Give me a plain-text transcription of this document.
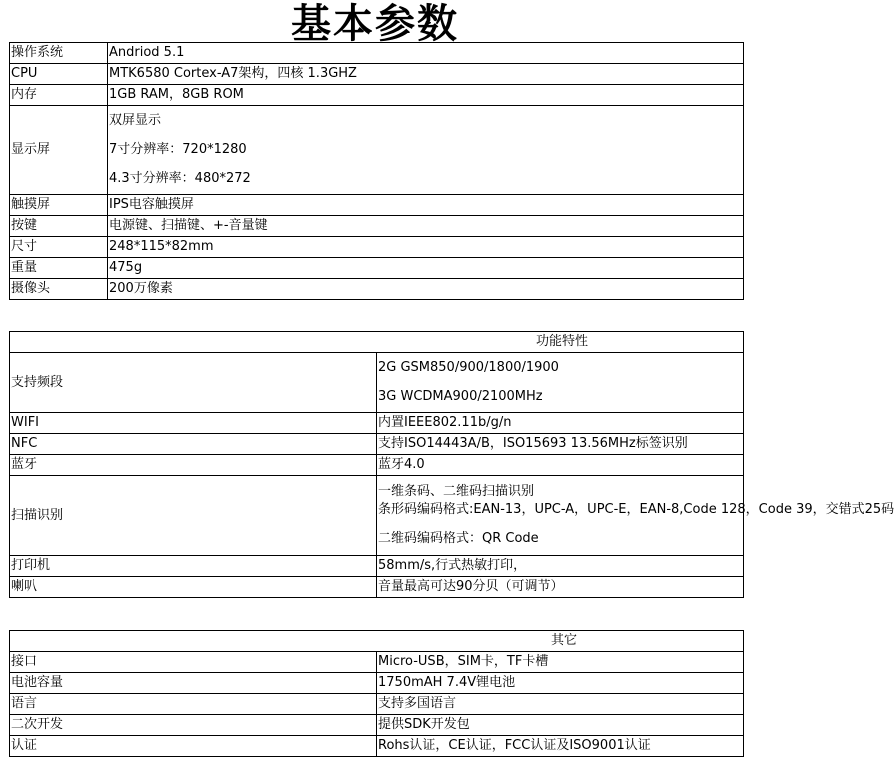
基本参数
操作系统	Andriod 5.1

CPU	MTK6580 Cortex-A7架构，四核 1.3GHZ

内存	1GB RAM，8GB ROM

显示屏	双屏显示

7寸分辨率：720*1280

4.3寸分辨率：480*272

触摸屏	IPS电容触摸屏

按键	电源键、扫描键、+-音量键

尺寸	248*115*82mm

重量	475g

摄像头	200万像素
功能特性	
支持频段	2G GSM850/900/1800/1900

3G WCDMA900/2100MHz

WIFI	内置IEEE802.11b/g/n

NFC	支持ISO14443A/B，ISO15693 13.56MHz标签识别

蓝牙	蓝牙4.0

扫描识别	一维条码、二维码扫描识别
条形码编码格式:EAN-13，UPC-A，UPC-E，EAN-8,Code 128，Code 39，交错式25码

二维码编码格式：QR Code

打印机	58mm/s,行式热敏打印，

喇叭	音量最高可达90分贝（可调节）
其它	
接口	Micro-USB，SIM卡，TF卡槽

电池容量	1750mAH 7.4V锂电池

语言	支持多国语言

二次开发	提供SDK开发包

认证	Rohs认证，CE认证，FCC认证及ISO9001认证
